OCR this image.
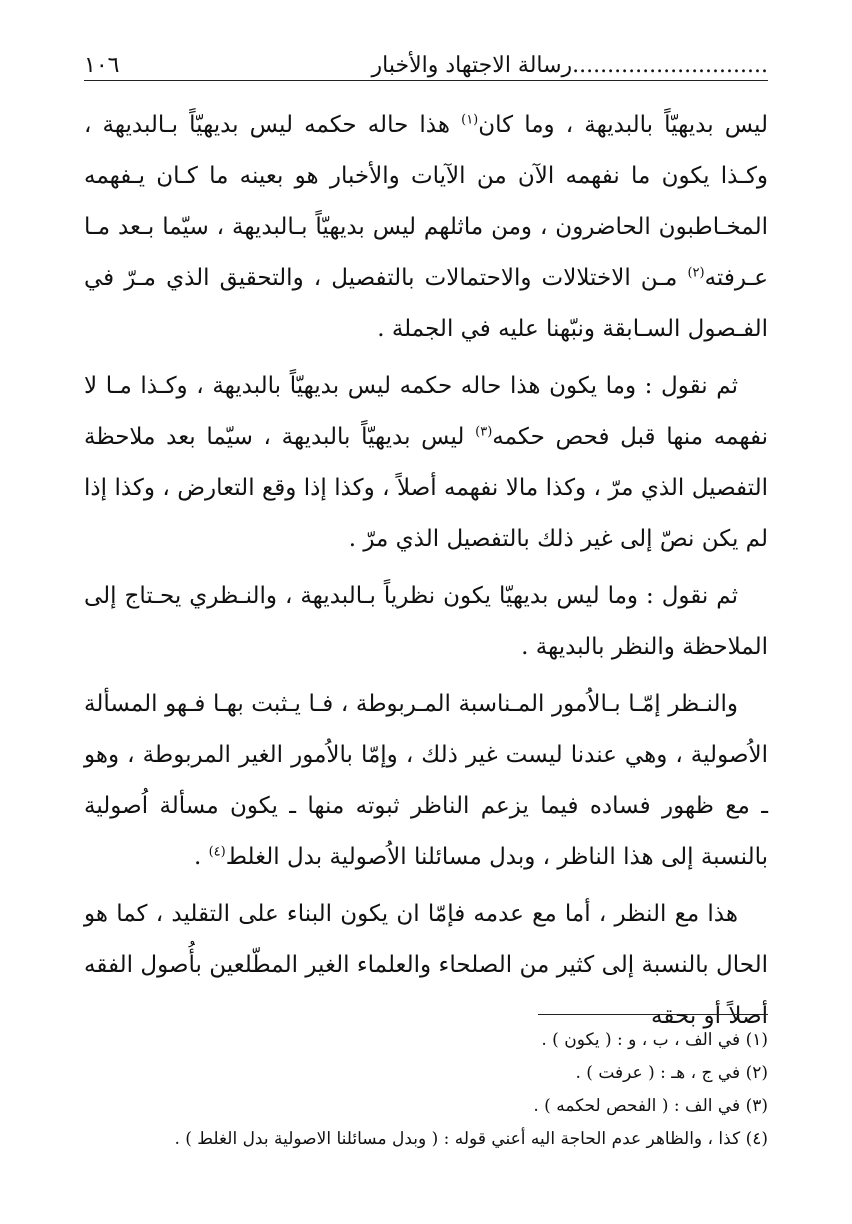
............................رسالة الاجتهاد والأخبار
١٠٦

ليس بديهيّاً بالبديهة ، وما كان$^{(١)}$ هذا حاله حكمه ليس بديهيّاً بـالبديهة ، وكـذا يكون ما نفهمه الآن من الآيات والأخبار هو بعينه ما كـان يـفهمه المخـاطبون الحاضرون ، ومن ماثلهم ليس بديهيّاً بـالبديهة ، سيّما بـعد مـا عـرفته$^{(٢)}$ مـن الاختلالات والاحتمالات بالتفصيل ، والتحقيق الذي مـرّ في الفـصول السـابقة ونبّهنا عليه في الجملة .

ثم نقول : وما يكون هذا حاله حكمه ليس بديهيّاً بالبديهة ، وكـذا مـا لا نفهمه منها قبل فحص حكمه$^{(٣)}$ ليس بديهيّاً بالبديهة ، سيّما بعد ملاحظة التفصيل الذي مرّ ، وكذا مالا نفهمه أصلاً ، وكذا إذا وقع التعارض ، وكذا إذا لم يكن نصّ إلى غير ذلك بالتفصيل الذي مرّ .

ثم نقول : وما ليس بديهيّا يكون نظرياً بـالبديهة ، والنـظري يحـتاج إلى الملاحظة والنظر بالبديهة .

والنـظر إمّـا بـالاُمور المـناسبة المـربوطة ، فـا يـثبت بهـا فـهو المسألة الاُصولية ، وهي عندنا ليست غير ذلك ، وإمّا بالاُمور الغير المربوطة ، وهو ـ مع ظهور فساده فيما يزعم الناظر ثبوته منها ـ يكون مسألة اُصولية بالنسبة إلى هذا الناظر ، وبدل مسائلنا الاُصولية بدل الغلط$^{(٤)}$ .

هذا مع النظر ، أما مع عدمه فإمّا ان يكون البناء على التقليد ، كما هو الحال بالنسبة إلى كثير من الصلحاء والعلماء الغير المطّلعين بأُصول الفقه أصلاً أو بحقه

(١) في الف ، ب ، و : ( يكون ) .
(٢) في ج ، هـ : ( عرفت ) .
(٣) في الف : ( الفحص لحكمه ) .
(٤) كذا ، والظاهر عدم الحاجة اليه أعني قوله : ( وبدل مسائلنا الاصولية بدل الغلط ) .
